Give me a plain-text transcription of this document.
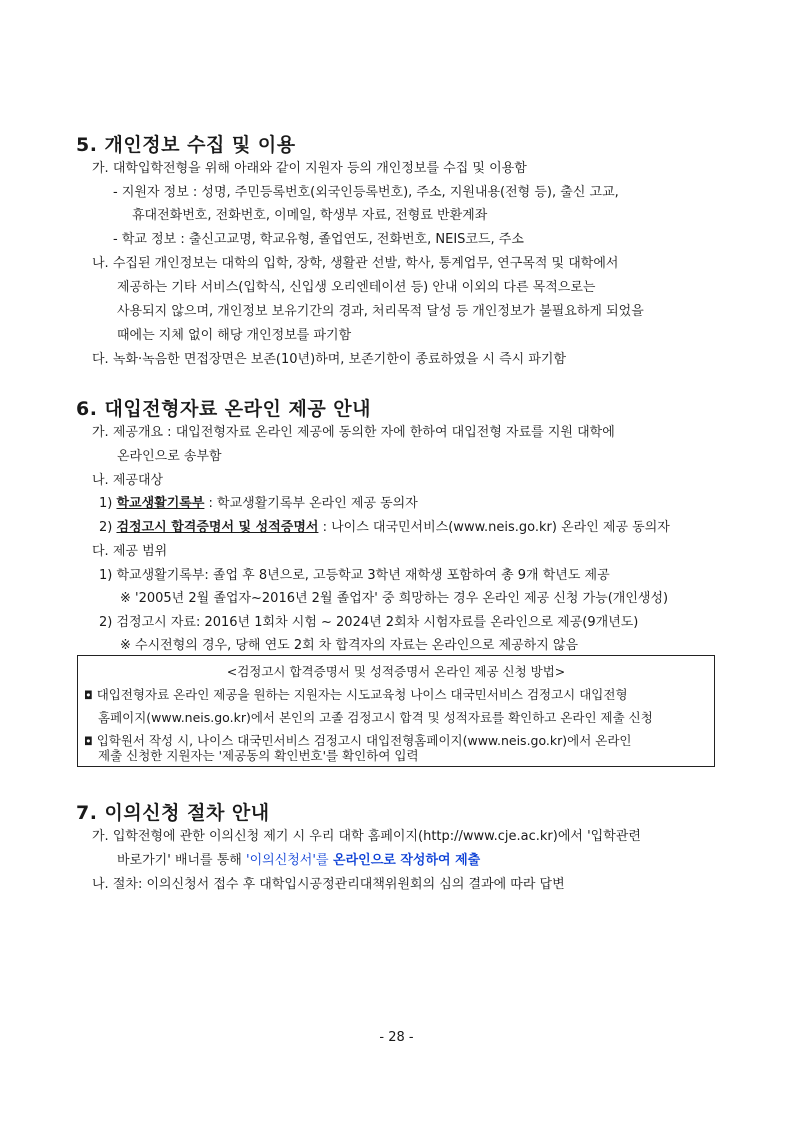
5. 개인정보 수집 및 이용
가. 대학입학전형을 위해 아래와 같이 지원자 등의 개인정보를 수집 및 이용함
- 지원자 정보 : 성명, 주민등록번호(외국인등록번호), 주소, 지원내용(전형 등), 출신 고교,
휴대전화번호, 전화번호, 이메일, 학생부 자료, 전형료 반환계좌
- 학교 정보 : 출신고교명, 학교유형, 졸업연도, 전화번호, NEIS코드, 주소
나. 수집된 개인정보는 대학의 입학, 장학, 생활관 선발, 학사, 통계업무, 연구목적 및 대학에서
제공하는 기타 서비스(입학식, 신입생 오리엔테이션 등) 안내 이외의 다른 목적으로는
사용되지 않으며, 개인정보 보유기간의 경과, 처리목적 달성 등 개인정보가 불필요하게 되었을
때에는 지체 없이 해당 개인정보를 파기함
다. 녹화·녹음한 면접장면은 보존(10년)하며, 보존기한이 종료하였을 시 즉시 파기함
6. 대입전형자료 온라인 제공 안내
가. 제공개요 : 대입전형자료 온라인 제공에 동의한 자에 한하여 대입전형 자료를 지원 대학에
온라인으로 송부함
나. 제공대상
1) 학교생활기록부 : 학교생활기록부 온라인 제공 동의자
2) 검정고시 합격증명서 및 성적증명서 : 나이스 대국민서비스(www.neis.go.kr) 온라인 제공 동의자
다. 제공 범위
1) 학교생활기록부: 졸업 후 8년으로, 고등학교 3학년 재학생 포함하여 총 9개 학년도 제공
※ '2005년 2월 졸업자~2016년 2월 졸업자' 중 희망하는 경우 온라인 제공 신청 가능(개인생성)
2) 검정고시 자료: 2016년 1회차 시험 ~ 2024년 2회차 시험자료를 온라인으로 제공(9개년도)
※ 수시전형의 경우, 당해 연도 2회 차 합격자의 자료는 온라인으로 제공하지 않음
<검정고시 합격증명서 및 성적증명서 온라인 제공 신청 방법>
◘ 대입전형자료 온라인 제공을 원하는 지원자는 시도교육청 나이스 대국민서비스 검정고시 대입전형
홈페이지(www.neis.go.kr)에서 본인의 고졸 검정고시 합격 및 성적자료를 확인하고 온라인 제출 신청
◘ 입학원서 작성 시, 나이스 대국민서비스 검정고시 대입전형홈페이지(www.neis.go.kr)에서 온라인
제출 신청한 지원자는 '제공동의 확인번호'를 확인하여 입력
7. 이의신청 절차 안내
가. 입학전형에 관한 이의신청 제기 시 우리 대학 홈페이지(http://www.cje.ac.kr)에서 '입학관련
바로가기' 배너를 통해 '이의신청서'를 온라인으로 작성하여 제출
나. 절차: 이의신청서 접수 후 대학입시공정관리대책위원회의 심의 결과에 따라 답변
- 28 -
